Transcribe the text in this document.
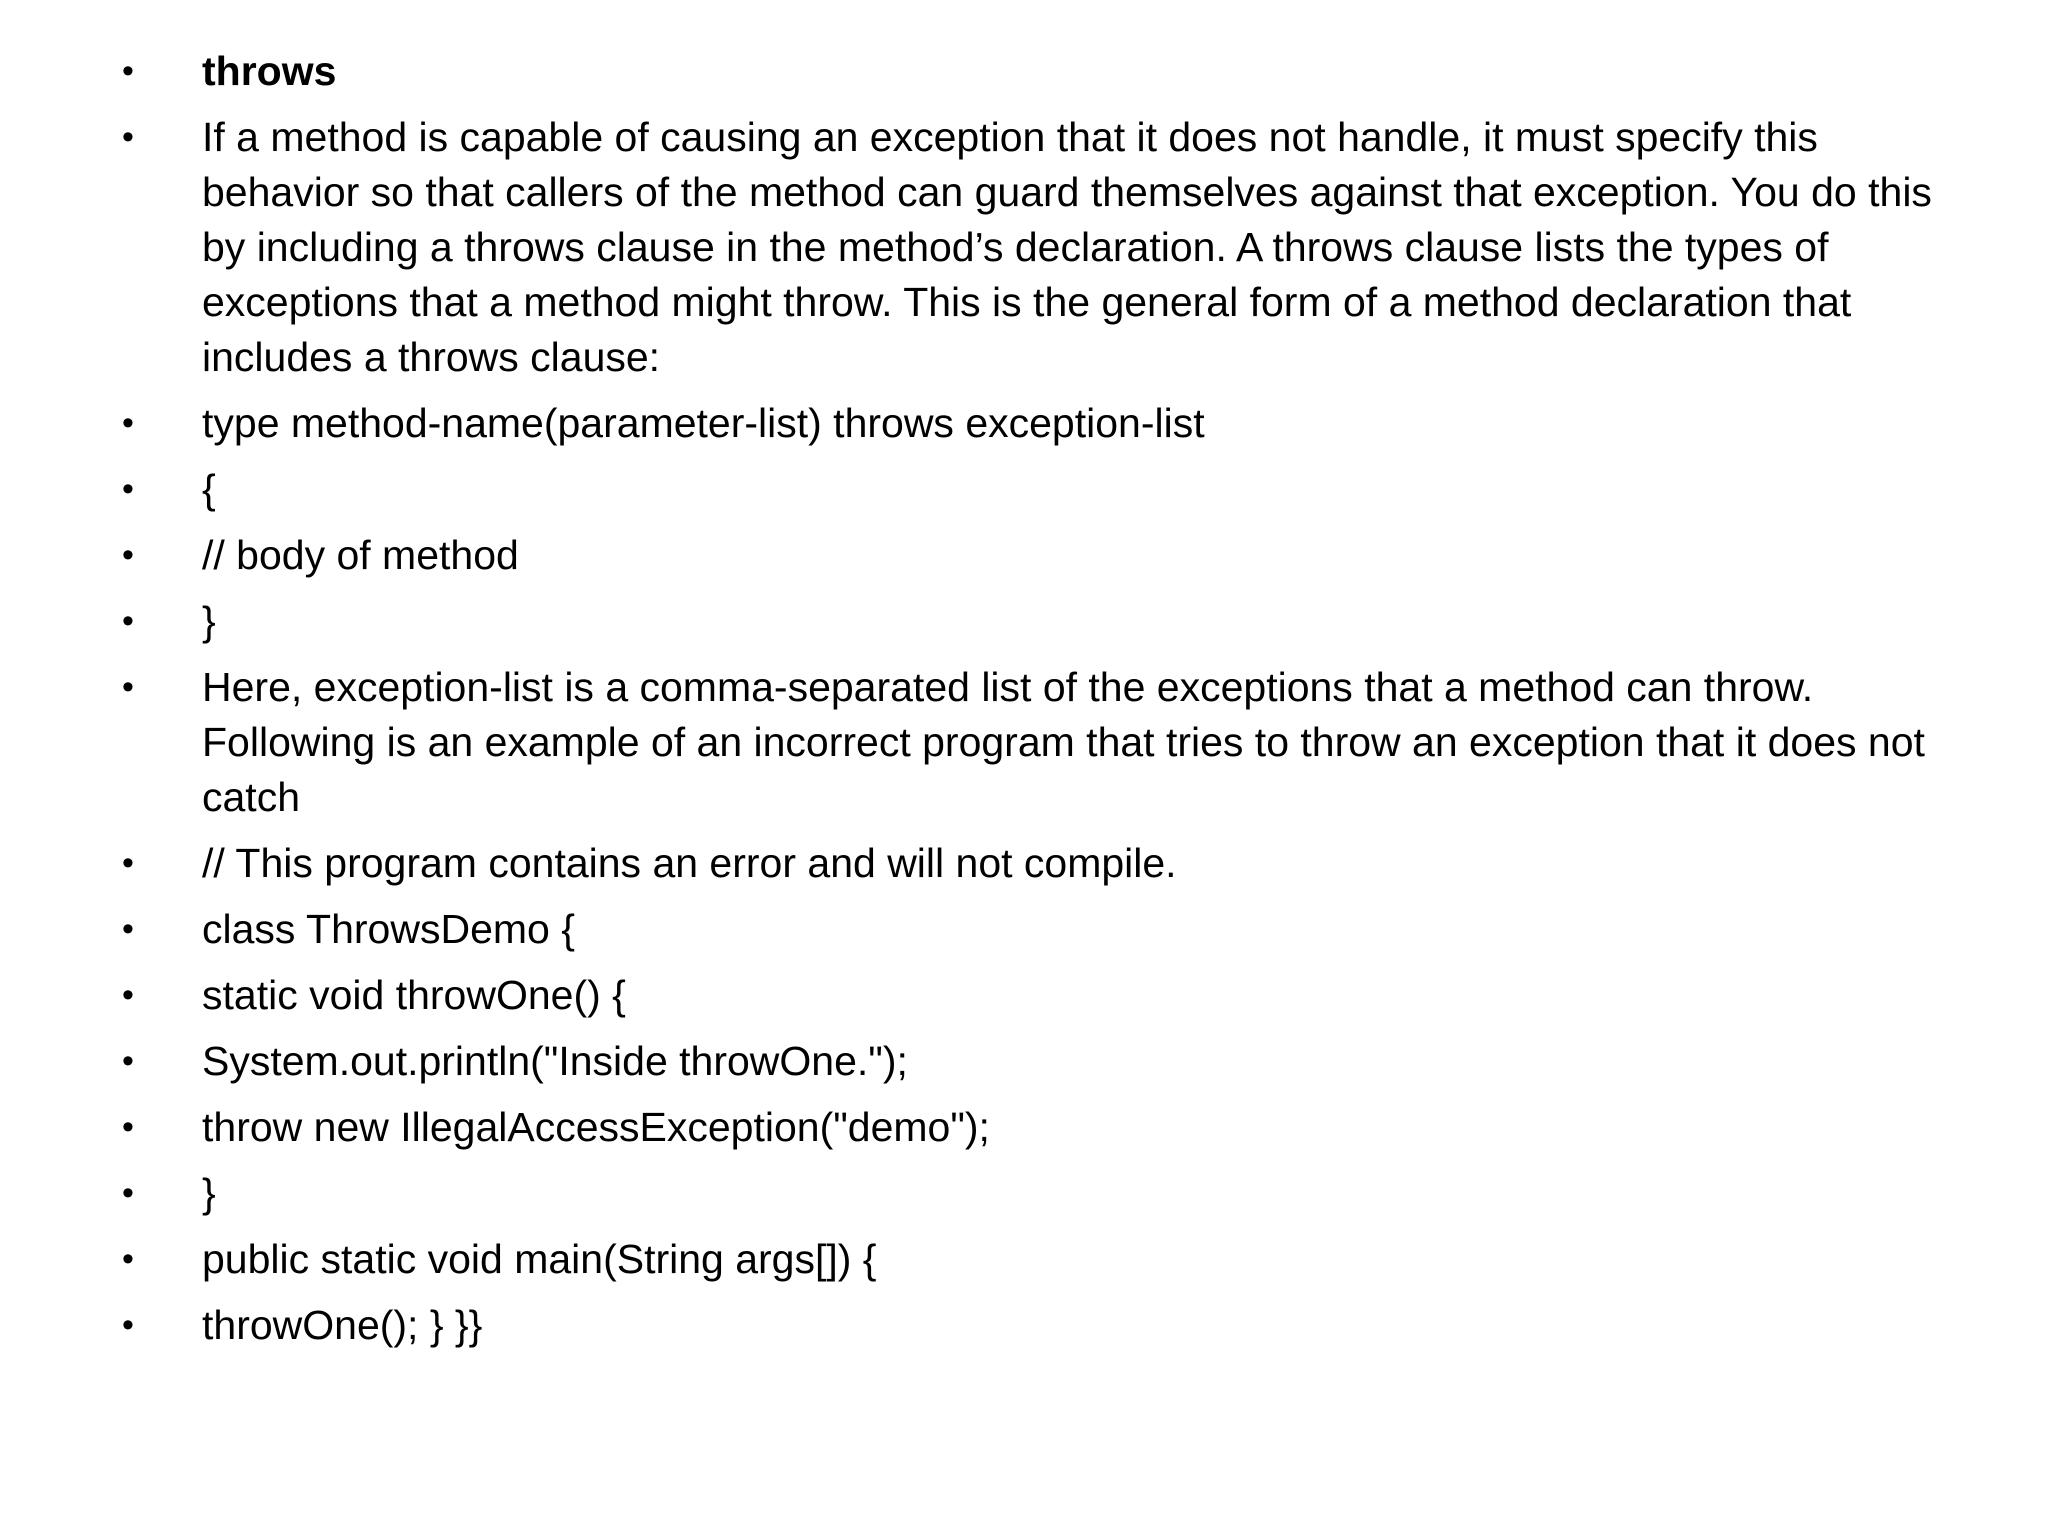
•	throws
•	If a method is capable of causing an exception that it does not handle, it must specify this behavior so that callers of the method can guard themselves against that exception. You do this by including a throws clause in the method’s declaration. A throws clause lists the types of exceptions that a method might throw. This is the general form of a method declaration that includes a throws clause:
•	type method-name(parameter-list) throws exception-list
•	{
•	// body of method
•	}
•	Here, exception-list is a comma-separated list of the exceptions that a method can throw. Following is an example of an incorrect program that tries to throw an exception that it does not catch
•	// This program contains an error and will not compile.
•	class ThrowsDemo {
•	static void throwOne() {
•	System.out.println("Inside throwOne.");
•	throw new IllegalAccessException("demo");
•	}
•	public static void main(String args[]) {
•	throwOne(); } }}
